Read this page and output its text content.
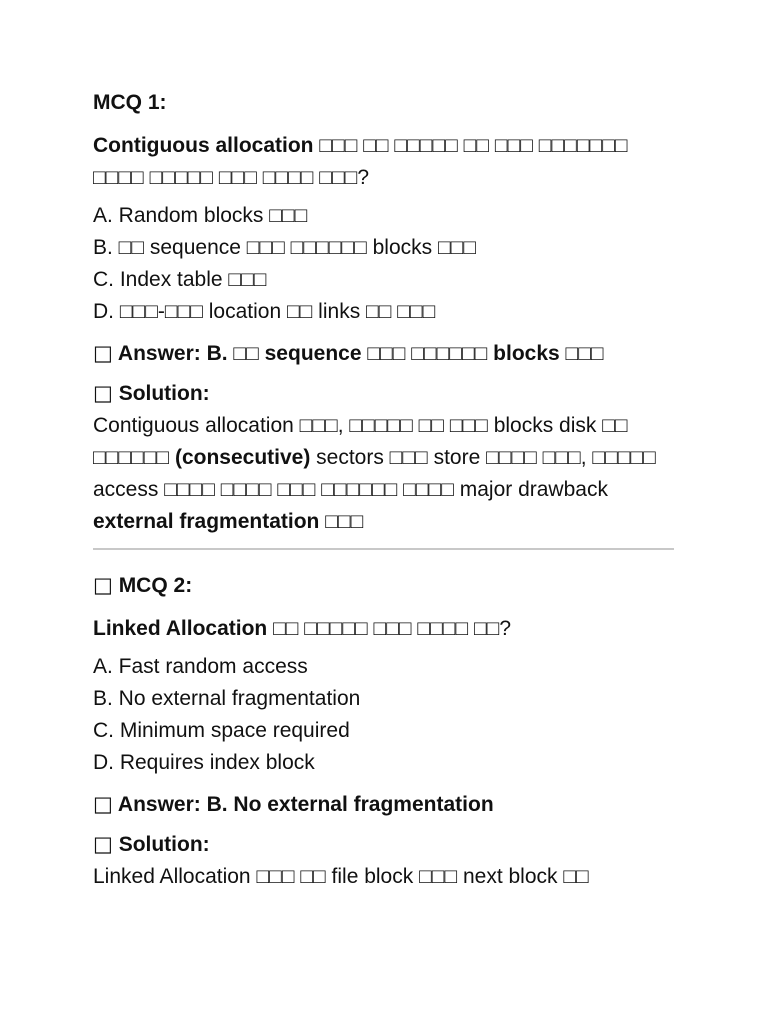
MCQ 1:

Contiguous allocation □□□ □□ □□□□□ □□ □□□ □□□□□□□ □□□□ □□□□□ □□□ □□□□ □□□?

A. Random blocks □□□
B. □□ sequence □□□ □□□□□□ blocks □□□
C. Index table □□□
D. □□□-□□□ location □□ links □□ □□□
□ Answer: B. □□ sequence □□□ □□□□□□ blocks □□□
□ Solution:

Contiguous allocation □□□, □□□□□ □□ □□□ blocks disk □□ □□□□□□ (consecutive) sectors □□□ store □□□□ □□□, □□□□□ access □□□□ □□□□ □□□ □□□□□□ □□□□ major drawback external fragmentation □□□

□ MCQ 2:

Linked Allocation □□ □□□□□ □□□ □□□□ □□?

A. Fast random access
B. No external fragmentation
C. Minimum space required
D. Requires index block
□ Answer: B. No external fragmentation
□ Solution:

Linked Allocation □□□ □□ file block □□□ next block □□
